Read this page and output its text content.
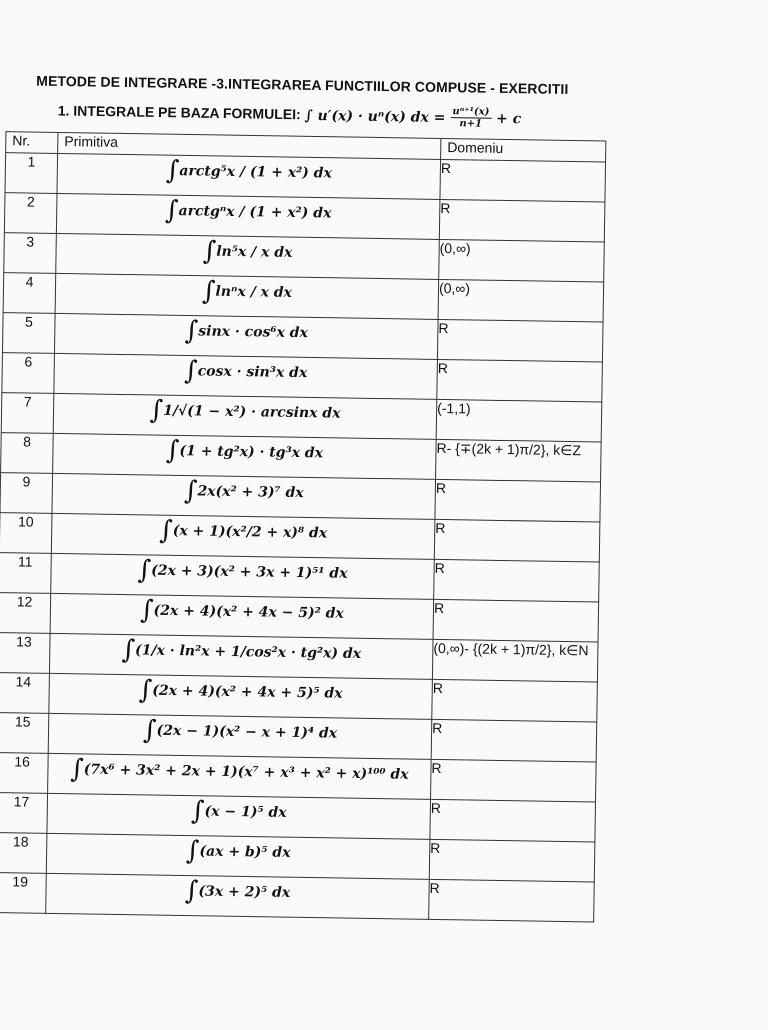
METODE DE INTEGRARE -3.INTEGRAREA FUNCTIILOR COMPUSE - EXERCITII
1. INTEGRALE PE BAZA FORMULEI: ∫ u′(x) · uⁿ(x) dx = $\frac{\text{uⁿ⁺¹(x)}}{n+1} + c$
Nr.	Primitiva	Domeniu
1	∫arctg⁵x / (1 + x²) dx	R
2	∫arctgⁿx / (1 + x²) dx	R
3	∫ln⁵x / x dx	(0,∞)
4	∫lnⁿx / x dx	(0,∞)
5	∫sinx · cos⁶x dx	R
6	∫cosx · sin³x dx	R
7	∫1/√(1 − x²) · arcsinx dx	(-1,1)
8	∫(1 + tg²x) · tg³x dx	R- {∓(2k + 1)π/2}, k∈Z
9	∫2x(x² + 3)⁷ dx	R
10	∫(x + 1)(x²/2 + x)⁸ dx	R
11	∫(2x + 3)(x² + 3x + 1)⁵¹ dx	R
12	∫(2x + 4)(x² + 4x − 5)² dx	R
13	∫(1/x · ln²x + 1/cos²x · tg²x) dx	(0,∞)- {(2k + 1)π/2}, k∈N
14	∫(2x + 4)(x² + 4x + 5)⁵ dx	R
15	∫(2x − 1)(x² − x + 1)⁴ dx	R
16	∫(7x⁶ + 3x² + 2x + 1)(x⁷ + x³ + x² + x)¹⁰⁰ dx	R
17	∫(x − 1)⁵ dx	R
18	∫(ax + b)⁵ dx	R
19	∫(3x + 2)⁵ dx	R
